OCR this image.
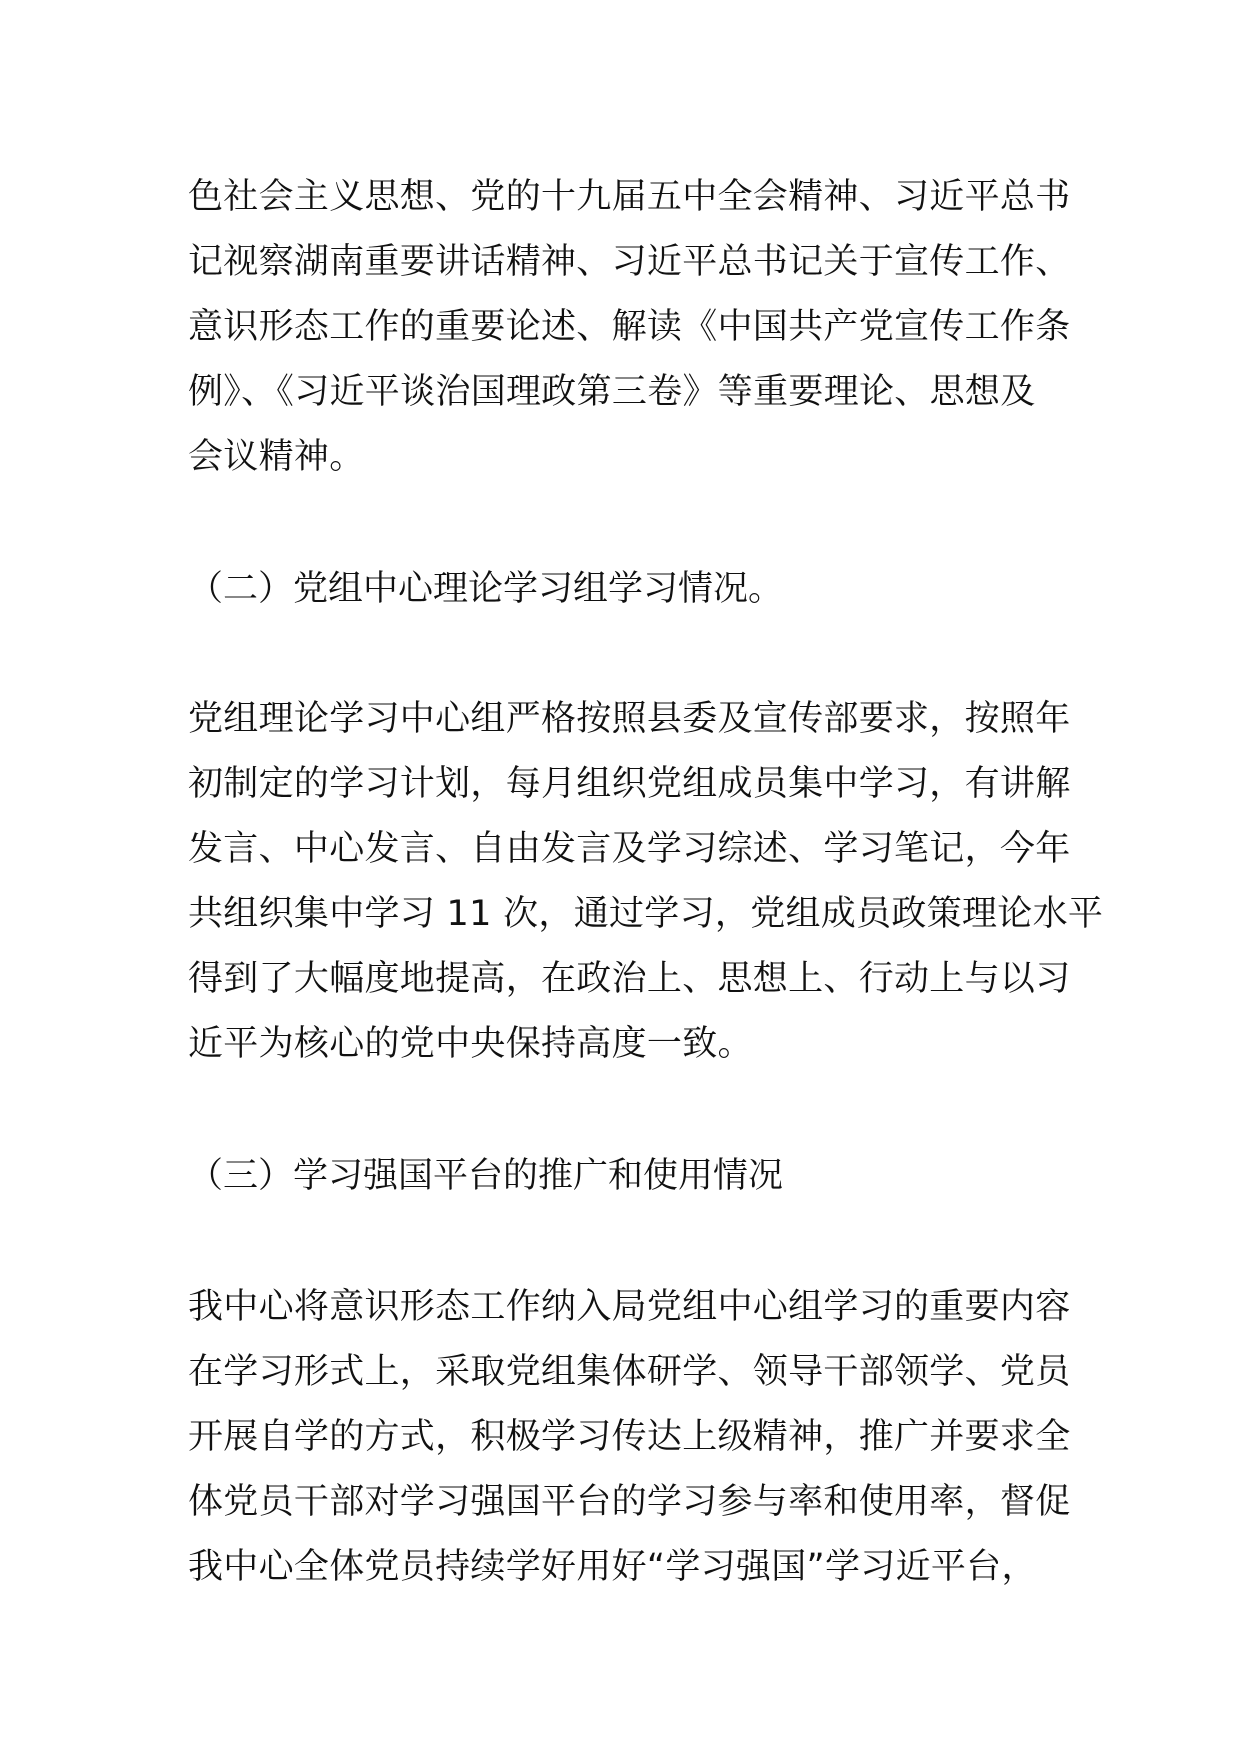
色社会主义思想、党的十九届五中全会精神、习近平总书
记视察湖南重要讲话精神、习近平总书记关于宣传工作、
意识形态工作的重要论述、解读《中国共产党宣传工作条
例》、《习近平谈治国理政第三卷》等重要理论、思想及
会议精神。
（二）党组中心理论学习组学习情况。
党组理论学习中心组严格按照县委及宣传部要求，按照年
初制定的学习计划，每月组织党组成员集中学习，有讲解
发言、中心发言、自由发言及学习综述、学习笔记，今年
共组织集中学习 11 次，通过学习，党组成员政策理论水平
得到了大幅度地提高，在政治上、思想上、行动上与以习
近平为核心的党中央保持高度一致。
（三）学习强国平台的推广和使用情况
我中心将意识形态工作纳入局党组中心组学习的重要内容
在学习形式上，采取党组集体研学、领导干部领学、党员
开展自学的方式，积极学习传达上级精神，推广并要求全
体党员干部对学习强国平台的学习参与率和使用率，督促
我中心全体党员持续学好用好“学习强国”学习近平台，
